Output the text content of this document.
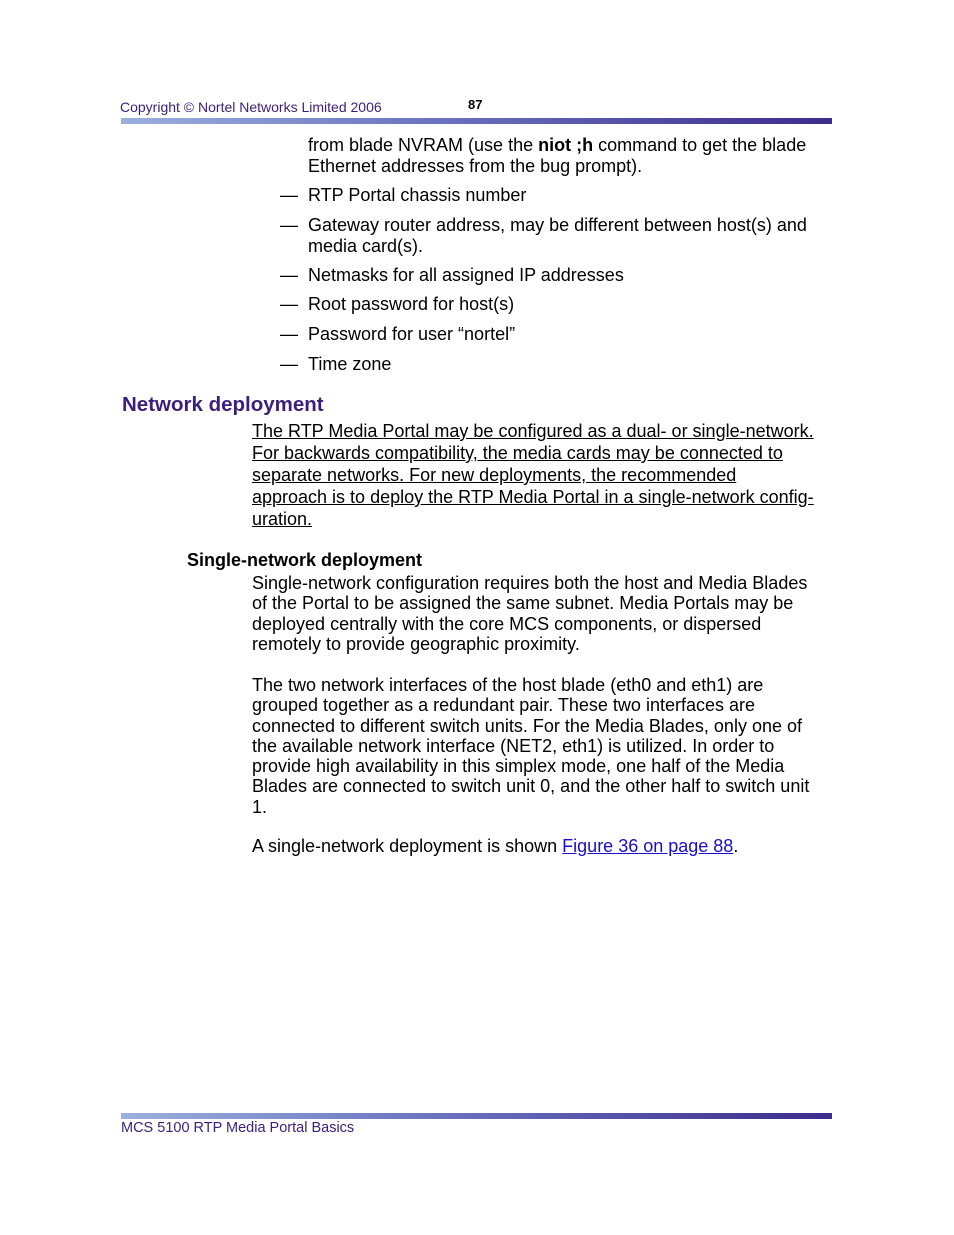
Copyright © Nortel Networks Limited 2006	87
from blade NVRAM (use the niot ;h command to get the blade
Ethernet addresses from the bug prompt).
— RTP Portal chassis number
— Gateway router address, may be different between host(s) and
media card(s).
— Netmasks for all assigned IP addresses
— Root password for host(s)
— Password for user “nortel”
— Time zone
Network deployment
The RTP Media Portal may be configured as a dual- or single-network.
For backwards compatibility, the media cards may be connected to
separate networks. For new deployments, the recommended
approach is to deploy the RTP Media Portal in a single-network config-
uration.
Single-network deployment
Single-network configuration requires both the host and Media Blades
of the Portal to be assigned the same subnet. Media Portals may be
deployed centrally with the core MCS components, or dispersed
remotely to provide geographic proximity.
The two network interfaces of the host blade (eth0 and eth1) are
grouped together as a redundant pair. These two interfaces are
connected to different switch units. For the Media Blades, only one of
the available network interface (NET2, eth1) is utilized. In order to
provide high availability in this simplex mode, one half of the Media
Blades are connected to switch unit 0, and the other half to switch unit
1.
A single-network deployment is shown Figure 36 on page 88.
MCS 5100 RTP Media Portal Basics
